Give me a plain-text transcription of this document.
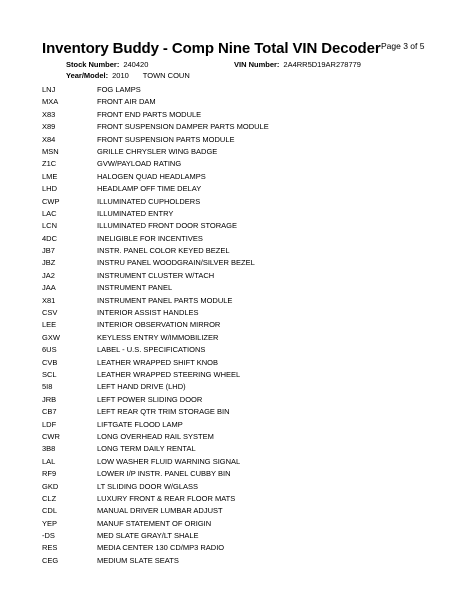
Inventory Buddy - Comp Nine Total VIN Decoder Page 3 of 5
Stock Number: 240420	VIN Number: 2A4RR5D19AR278779
Year/Model: 2010 TOWN COUN
LNJ	FOG LAMPS
MXA	FRONT AIR DAM
X83	FRONT END PARTS MODULE
X89	FRONT SUSPENSION DAMPER PARTS MODULE
X84	FRONT SUSPENSION PARTS MODULE
MSN	GRILLE CHRYSLER WING BADGE
Z1C	GVW/PAYLOAD RATING
LME	HALOGEN QUAD HEADLAMPS
LHD	HEADLAMP OFF TIME DELAY
CWP	ILLUMINATED CUPHOLDERS
LAC	ILLUMINATED ENTRY
LCN	ILLUMINATED FRONT DOOR STORAGE
4DC	INELIGIBLE FOR INCENTIVES
JB7	INSTR. PANEL COLOR KEYED BEZEL
JBZ	INSTRU PANEL WOODGRAIN/SILVER BEZEL
JA2	INSTRUMENT CLUSTER W/TACH
JAA	INSTRUMENT PANEL
X81	INSTRUMENT PANEL PARTS MODULE
CSV	INTERIOR ASSIST HANDLES
LEE	INTERIOR OBSERVATION MIRROR
GXW	KEYLESS ENTRY W/IMMOBILIZER
6US	LABEL - U.S. SPECIFICATIONS
CVB	LEATHER WRAPPED SHIFT KNOB
SCL	LEATHER WRAPPED STEERING WHEEL
5I8	LEFT HAND DRIVE (LHD)
JRB	LEFT POWER SLIDING DOOR
CB7	LEFT REAR QTR TRIM STORAGE BIN
LDF	LIFTGATE FLOOD LAMP
CWR	LONG OVERHEAD RAIL SYSTEM
3B8	LONG TERM DAILY RENTAL
LAL	LOW WASHER FLUID WARNING SIGNAL
RF9	LOWER I/P INSTR. PANEL CUBBY BIN
GKD	LT SLIDING DOOR W/GLASS
CLZ	LUXURY FRONT & REAR FLOOR MATS
CDL	MANUAL DRIVER LUMBAR ADJUST
YEP	MANUF STATEMENT OF ORIGIN
-DS	MED SLATE GRAY/LT SHALE
RES	MEDIA CENTER 130 CD/MP3 RADIO
CEG	MEDIUM SLATE SEATS
